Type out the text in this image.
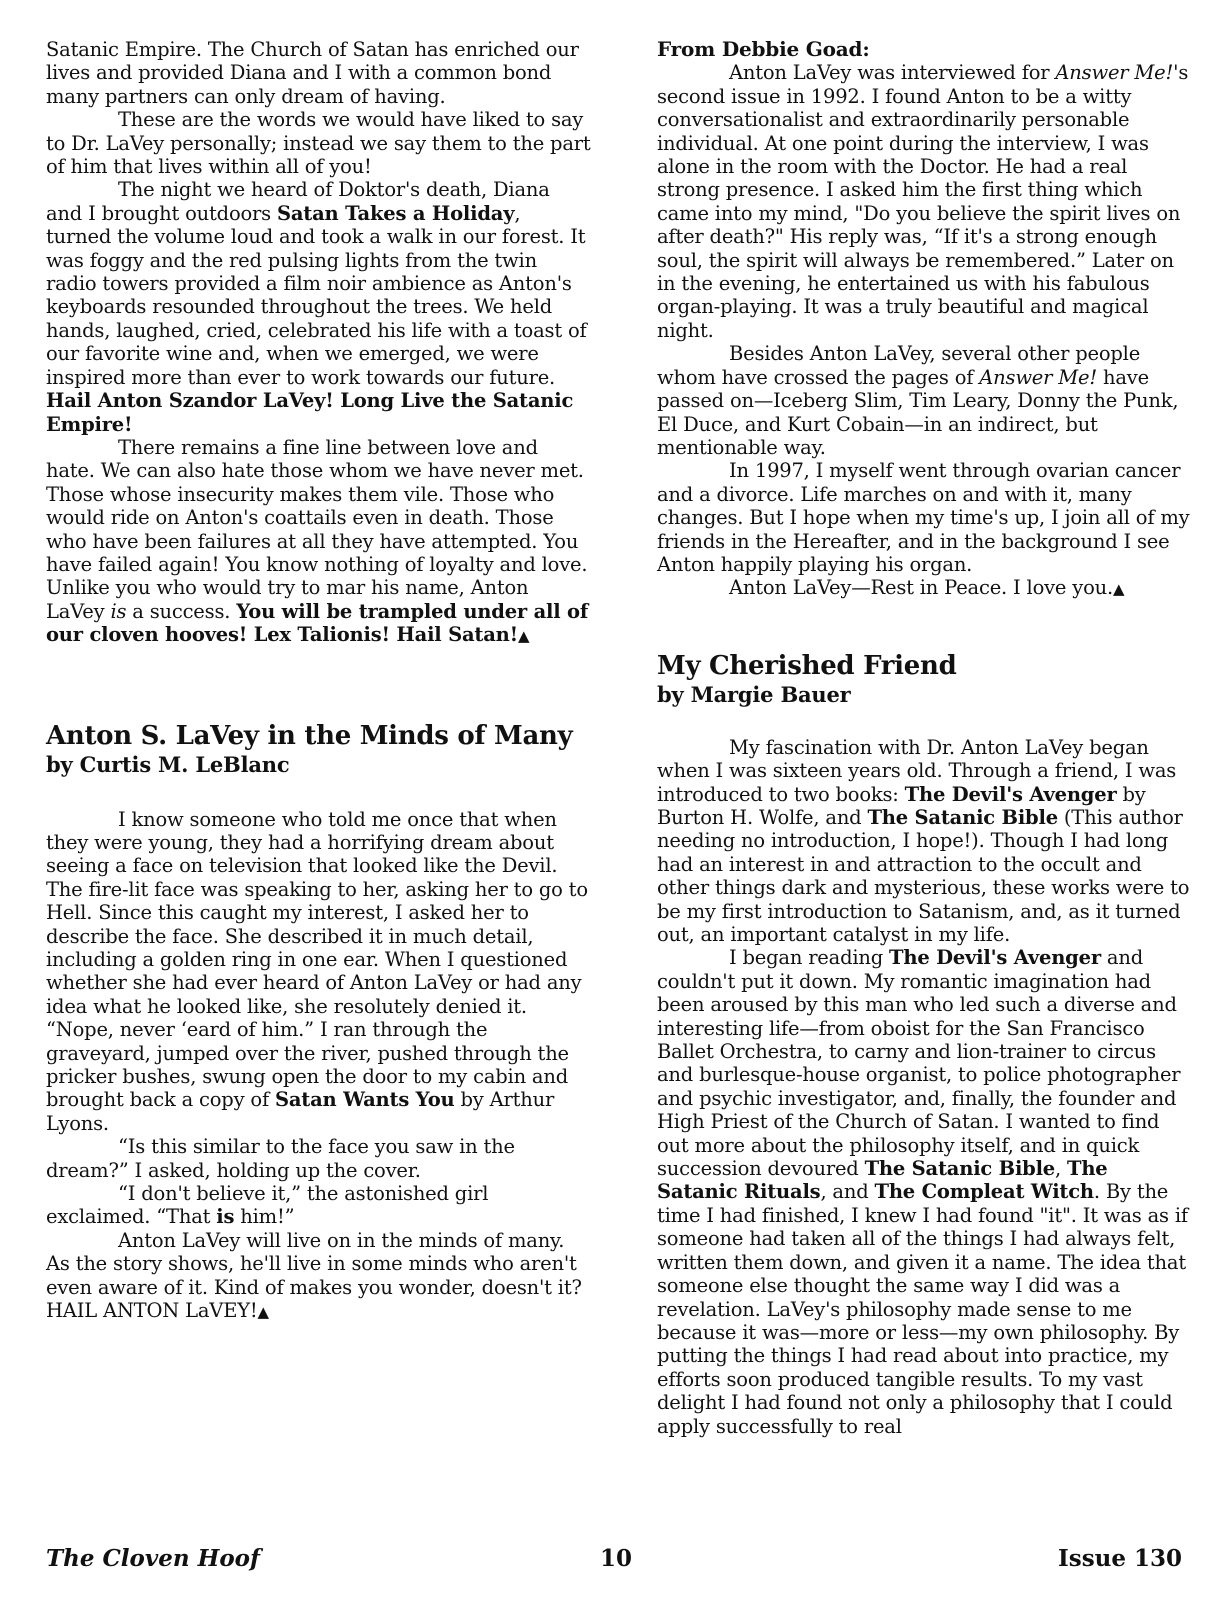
Satanic Empire. The Church of Satan has enriched our lives and provided Diana and I with a common bond many partners can only dream of having.

These are the words we would have liked to say to Dr. LaVey personally; instead we say them to the part of him that lives within all of you!

The night we heard of Doktor's death, Diana and I brought outdoors Satan Takes a Holiday, turned the volume loud and took a walk in our forest. It was foggy and the red pulsing lights from the twin radio towers provided a film noir ambience as Anton's keyboards resounded throughout the trees. We held hands, laughed, cried, celebrated his life with a toast of our favorite wine and, when we emerged, we were inspired more than ever to work towards our future. Hail Anton Szandor LaVey! Long Live the Satanic Empire!

There remains a fine line between love and hate. We can also hate those whom we have never met. Those whose insecurity makes them vile. Those who would ride on Anton's coattails even in death. Those who have been failures at all they have attempted. You have failed again! You know nothing of loyalty and love. Unlike you who would try to mar his name, Anton LaVey is a success. You will be trampled under all of our cloven hooves! Lex Talionis! Hail Satan!▲

Anton S. LaVey in the Minds of Many
by Curtis M. LeBlanc

I know someone who told me once that when they were young, they had a horrifying dream about seeing a face on television that looked like the Devil. The fire-lit face was speaking to her, asking her to go to Hell. Since this caught my interest, I asked her to describe the face. She described it in much detail, including a golden ring in one ear. When I questioned whether she had ever heard of Anton LaVey or had any idea what he looked like, she resolutely denied it. “Nope, never ‘eard of him.” I ran through the graveyard, jumped over the river, pushed through the pricker bushes, swung open the door to my cabin and brought back a copy of Satan Wants You by Arthur Lyons.

“Is this similar to the face you saw in the dream?” I asked, holding up the cover.

“I don't believe it,” the astonished girl exclaimed. “That is him!”

Anton LaVey will live on in the minds of many. As the story shows, he'll live in some minds who aren't even aware of it. Kind of makes you wonder, doesn't it? HAIL ANTON LaVEY!▲

From Debbie Goad:

Anton LaVey was interviewed for Answer Me!'s second issue in 1992. I found Anton to be a witty conversationalist and extraordinarily personable individual. At one point during the interview, I was alone in the room with the Doctor. He had a real strong presence. I asked him the first thing which came into my mind, "Do you believe the spirit lives on after death?" His reply was, “If it's a strong enough soul, the spirit will always be remembered.” Later on in the evening, he entertained us with his fabulous organ-playing. It was a truly beautiful and magical night.

Besides Anton LaVey, several other people whom have crossed the pages of Answer Me! have passed on—Iceberg Slim, Tim Leary, Donny the Punk, El Duce, and Kurt Cobain—in an indirect, but mentionable way.

In 1997, I myself went through ovarian cancer and a divorce. Life marches on and with it, many changes. But I hope when my time's up, I join all of my friends in the Hereafter, and in the background I see Anton happily playing his organ.

Anton LaVey—Rest in Peace. I love you.▲

My Cherished Friend
by Margie Bauer

My fascination with Dr. Anton LaVey began when I was sixteen years old. Through a friend, I was introduced to two books: The Devil's Avenger by Burton H. Wolfe, and The Satanic Bible (This author needing no introduction, I hope!). Though I had long had an interest in and attraction to the occult and other things dark and mysterious, these works were to be my first introduction to Satanism, and, as it turned out, an important catalyst in my life.

I began reading The Devil's Avenger and couldn't put it down. My romantic imagination had been aroused by this man who led such a diverse and interesting life—from oboist for the San Francisco Ballet Orchestra, to carny and lion-trainer to circus and burlesque-house organist, to police photographer and psychic investigator, and, finally, the founder and High Priest of the Church of Satan. I wanted to find out more about the philosophy itself, and in quick succession devoured The Satanic Bible, The Satanic Rituals, and The Compleat Witch. By the time I had finished, I knew I had found "it". It was as if someone had taken all of the things I had always felt, written them down, and given it a name. The idea that someone else thought the same way I did was a revelation. LaVey's philosophy made sense to me because it was—more or less—my own philosophy. By putting the things I had read about into practice, my efforts soon produced tangible results. To my vast delight I had found not only a philosophy that I could apply successfully to real

The Cloven Hoof	10	Issue 130
